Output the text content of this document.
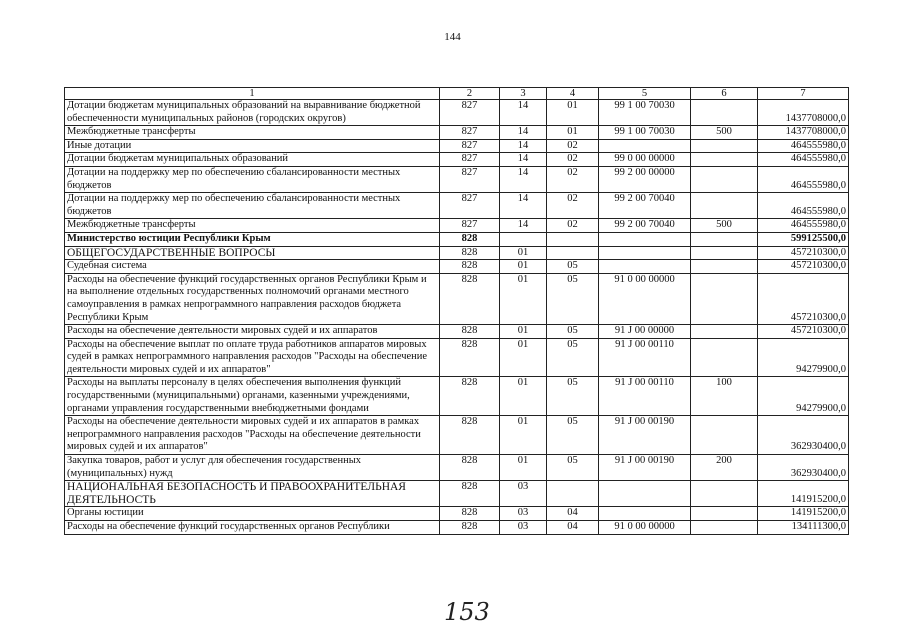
144
1	2	3	4	5	6	7
Дотации бюджетам муниципальных образований на выравнивание бюджетной обеспеченности муниципальных районов (городских округов)	827	14	01	99 1 00 70030		1437708000,0
Межбюджетные трансферты	827	14	01	99 1 00 70030	500	1437708000,0
Иные дотации	827	14	02			464555980,0
Дотации бюджетам муниципальных образований	827	14	02	99 0 00 00000		464555980,0
Дотации на поддержку мер по обеспечению сбалансированности местных бюджетов	827	14	02	99 2 00 00000		464555980,0
Дотации на поддержку мер по обеспечению сбалансированности местных бюджетов	827	14	02	99 2 00 70040		464555980,0
Межбюджетные трансферты	827	14	02	99 2 00 70040	500	464555980,0
Министерство юстиции Республики Крым	828					599125500,0
ОБЩЕГОСУДАРСТВЕННЫЕ ВОПРОСЫ	828	01				457210300,0
Судебная система	828	01	05			457210300,0
Расходы на обеспечение функций государственных органов Республики Крым и на выполнение отдельных государственных полномочий органами местного самоуправления в рамках непрограммного направления расходов бюджета Республики Крым	828	01	05	91 0 00 00000		457210300,0
Расходы на обеспечение деятельности мировых судей и их аппаратов	828	01	05	91 J 00 00000		457210300,0
Расходы на обеспечение выплат по оплате труда работников аппаратов мировых судей в рамках непрограммного направления расходов "Расходы на обеспечение деятельности мировых судей и их аппаратов"	828	01	05	91 J 00 00110		94279900,0
Расходы на выплаты персоналу в целях обеспечения выполнения функций государственными (муниципальными) органами, казенными учреждениями, органами управления государственными внебюджетными фондами	828	01	05	91 J 00 00110	100	94279900,0
Расходы на обеспечение деятельности мировых судей и их аппаратов в рамках непрограммного направления расходов "Расходы на обеспечение деятельности мировых судей и их аппаратов"	828	01	05	91 J 00 00190		362930400,0
Закупка товаров, работ и услуг для обеспечения государственных (муниципальных) нужд	828	01	05	91 J 00 00190	200	362930400,0
НАЦИОНАЛЬНАЯ БЕЗОПАСНОСТЬ И ПРАВООХРАНИТЕЛЬНАЯ ДЕЯТЕЛЬНОСТЬ	828	03				141915200,0
Органы юстиции	828	03	04			141915200,0
Расходы на обеспечение функций государственных органов Республики	828	03	04	91 0 00 00000		134111300,0
153
